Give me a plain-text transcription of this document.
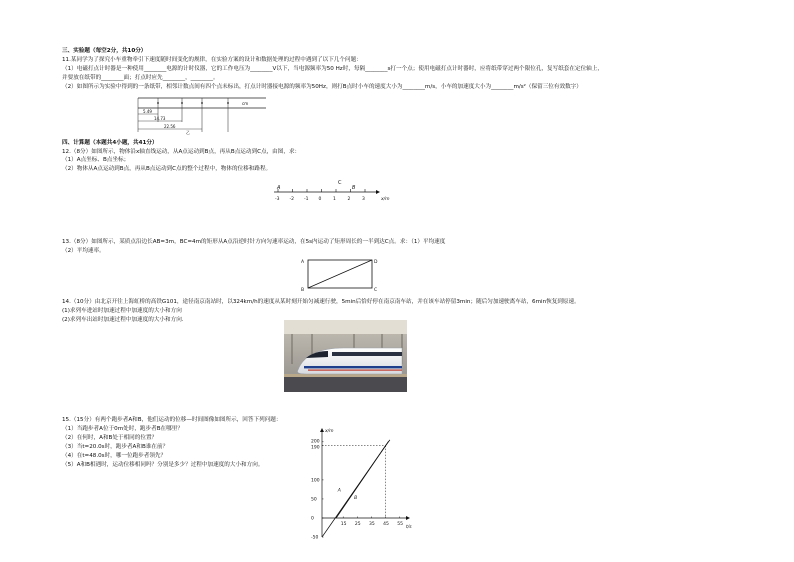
三、实验题（每空2分，共10分）
11.某同学为了探究小车重物牵引下速度随时间变化的规律，在实验方案的设计和数据处理的过程中遇到了以下几个问题：
（1）电磁打点计时器是一种使用________电源的计时仪器，它的工作电压为________V以下，当电源频率为50 Hz时，每隔________s打一个点；使用电磁打点计时器时，应将纸带穿过两个限位孔，复写纸套在定位轴上，
并要放在纸带的________面；打点时应先________，________。
（2）如图所示为实验中得到的一条纸带，相邻计数点间有四个点未标出，打点计时器接电源的频率为50Hz，则打B点时小车的速度大小为________m/s，小车的加速度大小为________m/s²（保留三位有效数字）
cm
5.49
14.73
22.56
乙
四、计算题（本题共4小题，共41分）
12.（8分）如图所示，物体沿x轴直线运动，从A点运动到B点，再从B点运动到C点，由图，求：
（1）A点坐标、B点坐标；
（2）物体从A点运动到B点，再从B点运动到C点的整个过程中，物体的位移和路程。
-3 -2 -1 0	1	2	3
A
C
B
x/m
13.（8分）如图所示，某质点沿边长AB=3m，BC=4m的矩形从A点沿逆时针方向匀速率运动，在5s内运动了矩形周长的一半到达C点。求：（1）平均速度
（2）平均速率。
A
B	C
D
14.（10分）由北京开往上海虹桥的高铁G101，途径南京南站时，以324km/h的速度从某时刻开始匀减速行驶，5min后恰好停在南京南车站，并在该车站停留3min；随后匀加速驶离车站，6min恢复到原速。
(1)求列车进站时加速过程中加速度的大小和方向
(2)求列车出站时加速过程中加速度的大小和方向.
15.（15分）有两个跑步者A和B，他们运动的位移—时间图像如图所示，回答下列问题：
（1）当跑步者A位于0m处时，跑步者B在哪里？
（2）在何时，A和B处于相同的位置？
（3）当t=20.0s时，跑步者A和B谁在前？
（4）在t=48.0s时，哪一位跑步者领先？
（5）A和B相遇时，运动位移相同吗？分别是多少？过程中加速度的大小和方向。
x/m
t/s
A
B
15 25 35 45 55
200
190
100
50
0
-50
